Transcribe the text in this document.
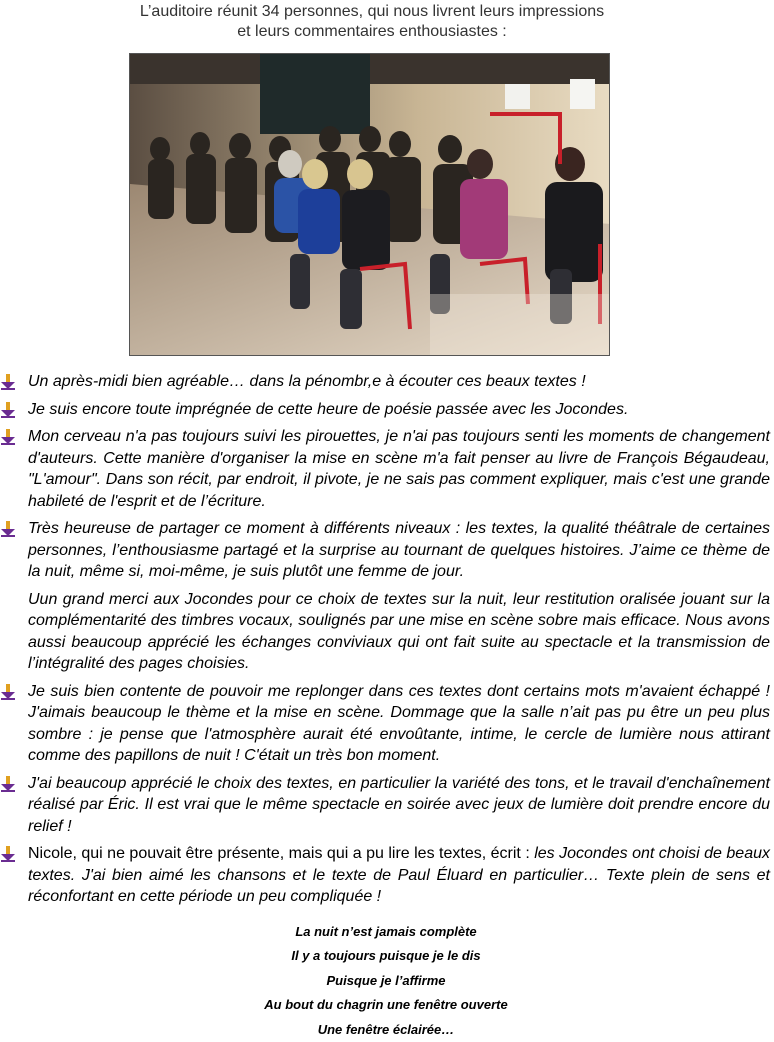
L’auditoire réunit 34 personnes, qui nous livrent leurs impressions
et leurs commentaires enthousiastes :
Un après-midi bien agréable… dans la pénombr,e à écouter ces beaux textes !
Je suis encore toute imprégnée de cette heure de poésie passée avec les Jocondes.
Mon cerveau n'a pas toujours suivi les pirouettes, je n'ai pas toujours senti les moments de changement d'auteurs. Cette manière d'organiser la mise en scène m'a fait penser au livre de François Bégaudeau, "L'amour". Dans son récit, par endroit, il pivote, je ne sais pas comment expliquer, mais c'est une grande habileté de l'esprit et de l’écriture.
Très heureuse de partager ce moment à différents niveaux : les textes, la qualité théâtrale de certaines personnes, l’enthousiasme partagé et la surprise au tournant de quelques histoires. J’aime ce thème de la nuit, même si, moi-même, je suis plutôt une femme de jour.
Uun grand merci aux Jocondes pour ce choix de textes sur la nuit, leur restitution oralisée jouant sur la complémentarité des timbres vocaux, soulignés par une mise en scène sobre mais efficace. Nous avons aussi beaucoup apprécié les échanges conviviaux qui ont fait suite au spectacle et la transmission de l’intégralité des pages choisies.
Je suis bien contente de pouvoir me replonger dans ces textes dont certains mots m'avaient échappé ! J'aimais beaucoup le thème et la mise en scène. Dommage que la salle n’ait pas pu être un peu plus sombre : je pense que l'atmosphère aurait été envoûtante, intime, le cercle de lumière nous attirant comme des papillons de nuit ! C'était un très bon moment.
J'ai beaucoup apprécié le choix des textes, en particulier la variété des tons, et le travail d'enchaînement réalisé par Éric. Il est vrai que le même spectacle en soirée avec jeux de lumière doit prendre encore du relief !
Nicole, qui ne pouvait être présente, mais qui a pu lire les textes, écrit : les Jocondes ont choisi de beaux textes. J'ai bien aimé les chansons et le texte de Paul Éluard en particulier… Texte plein de sens et réconfortant en cette période un peu compliquée !
La nuit n’est jamais complète
Il y a toujours puisque je le dis
Puisque je l’affirme
Au bout du chagrin une fenêtre ouverte
Une fenêtre éclairée…
